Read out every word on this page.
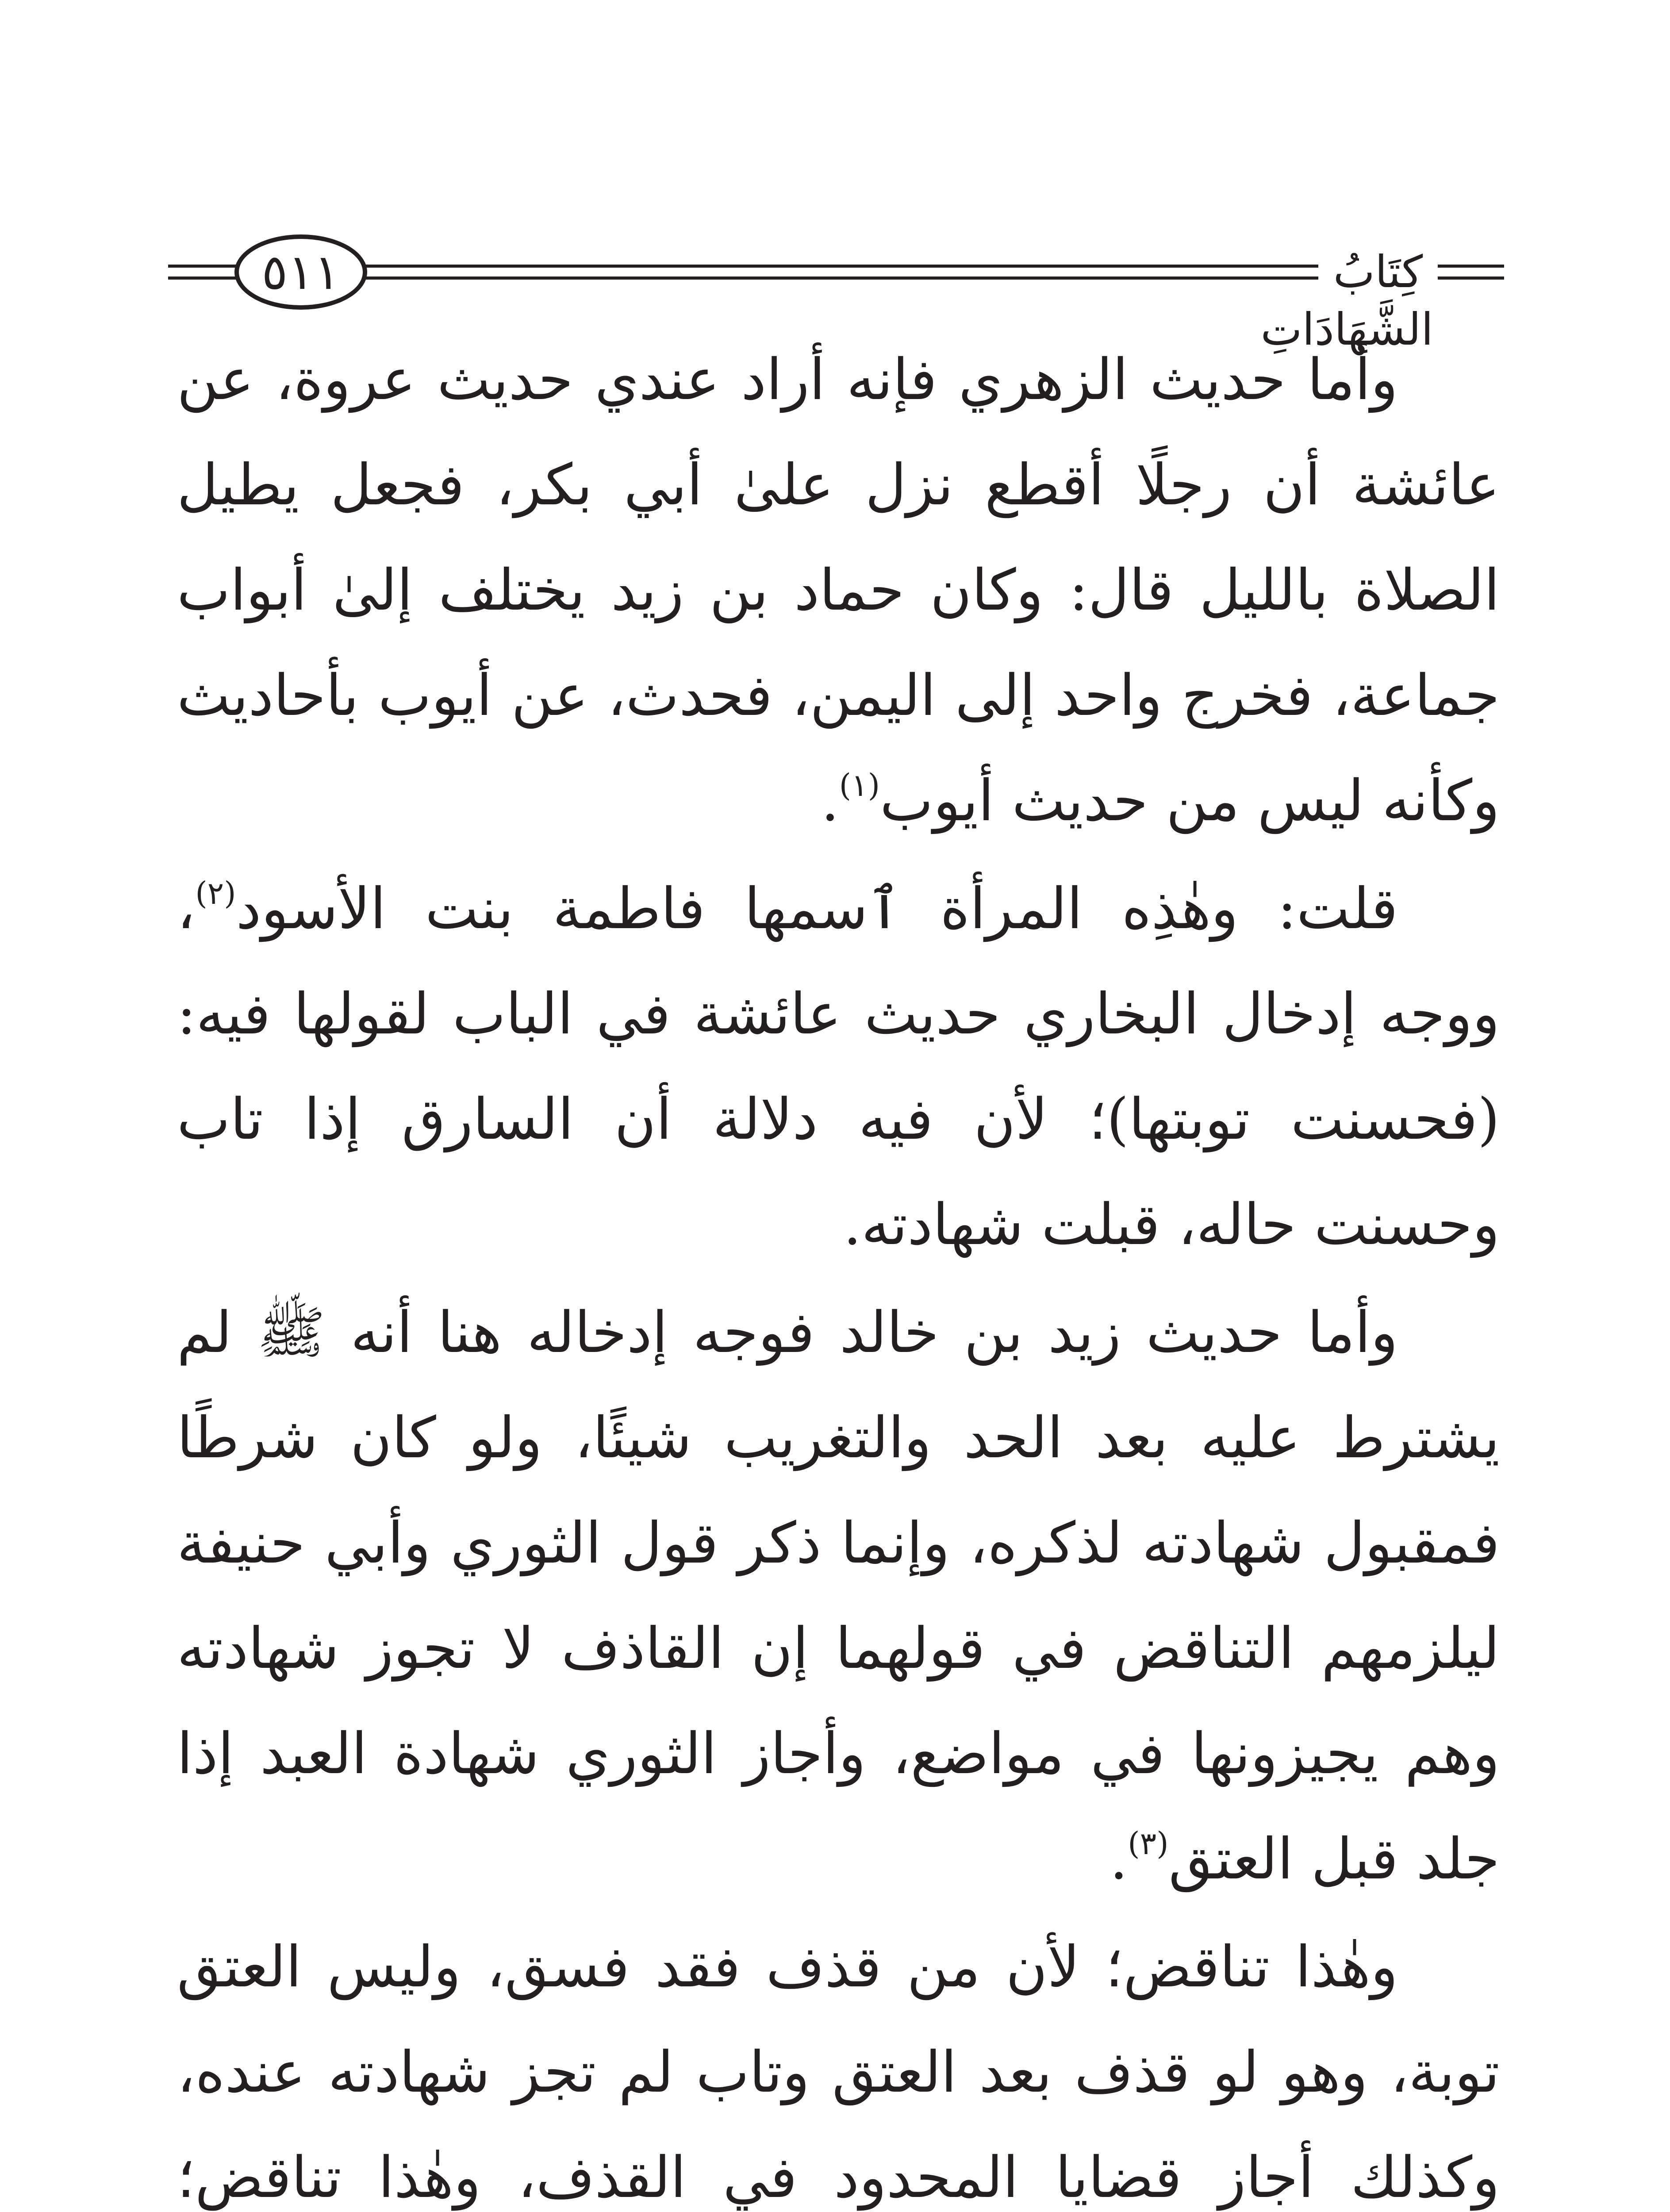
٥١١	كِتَابُ الشَّهَادَاتِ

وأما حديث الزهري فإنه أراد عندي حديث عروة، عن عائشة أن رجلًا أقطع نزل علىٰ أبي بكر، فجعل يطيل الصلاة بالليل قال: وكان حماد بن زيد يختلف إلىٰ أبواب جماعة، فخرج واحد إلى اليمن، فحدث، عن أيوب بأحاديث وكأنه ليس من حديث أيوب$^{(١)}$.

قلت: وهٰذِه المرأة ٱسمها فاطمة بنت الأسود$^{(٢)}$، ووجه إدخال البخاري حديث عائشة في الباب لقولها فيه: (فحسنت توبتها)؛ لأن فيه دلالة أن السارق إذا تاب وحسنت حاله، قبلت شهادته.

وأما حديث زيد بن خالد فوجه إدخاله هنا أنه ﷺ لم يشترط عليه بعد الحد والتغريب شيئًا، ولو كان شرطًا فمقبول شهادته لذكره، وإنما ذكر قول الثوري وأبي حنيفة ليلزمهم التناقض في قولهما إن القاذف لا تجوز شهادته وهم يجيزونها في مواضع، وأجاز الثوري شهادة العبد إذا جلد قبل العتق$^{(٣)}$.

وهٰذا تناقض؛ لأن من قذف فقد فسق، وليس العتق توبة، وهو لو قذف بعد العتق وتاب لم تجز شهادته عنده، وكذلك أجاز قضايا المحدود في القذف، وهٰذا تناقض؛
